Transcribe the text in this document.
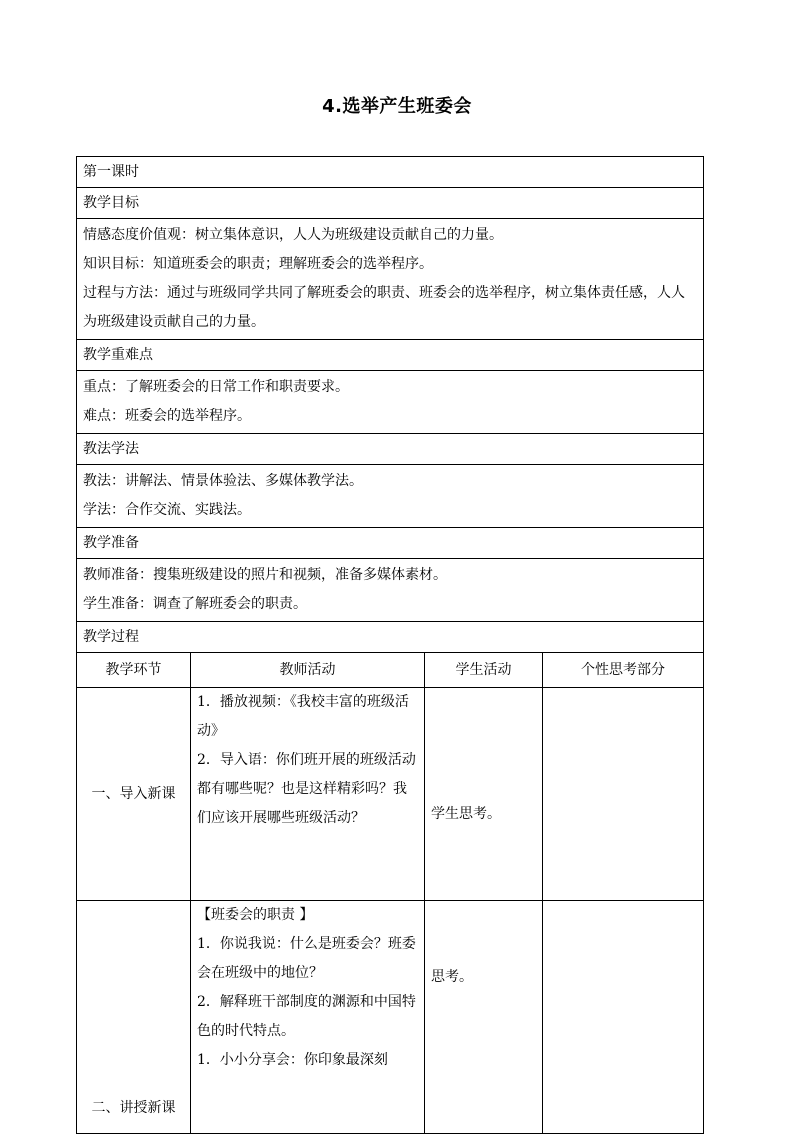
4.选举产生班委会
第一课时			
教学目标			

情感态度价值观：树立集体意识，人人为班级建设贡献自己的力量。

知识目标：知道班委会的职责；理解班委会的选举程序。

过程与方法：通过与班级同学共同了解班委会的职责、班委会的选举程序，树立集体责任感，人人为班级建设贡献自己的力量。			

教学重难点			

重点：了解班委会的日常工作和职责要求。

难点：班委会的选举程序。			

教法学法			

教法：讲解法、情景体验法、多媒体教学法。

学法：合作交流、实践法。			

教学准备			

教师准备：搜集班级建设的照片和视频，准备多媒体素材。

学生准备：调查了解班委会的职责。			

教学过程			
教学环节	教师活动	学生活动	个性思考部分
一、导入新课	1．播放视频：《我校丰富的班级活动》

2．导入语：你们班开展的班级活动都有哪些呢？也是这样精彩吗？我们应该开展哪些班级活动？	学生思考。	
二、讲授新课	【班委会的职责 】

1．你说我说：什么是班委会？班委会在班级中的地位？

2．解释班干部制度的渊源和中国特色的时代特点。

1．小小分享会：你印象最深刻	思考。	
